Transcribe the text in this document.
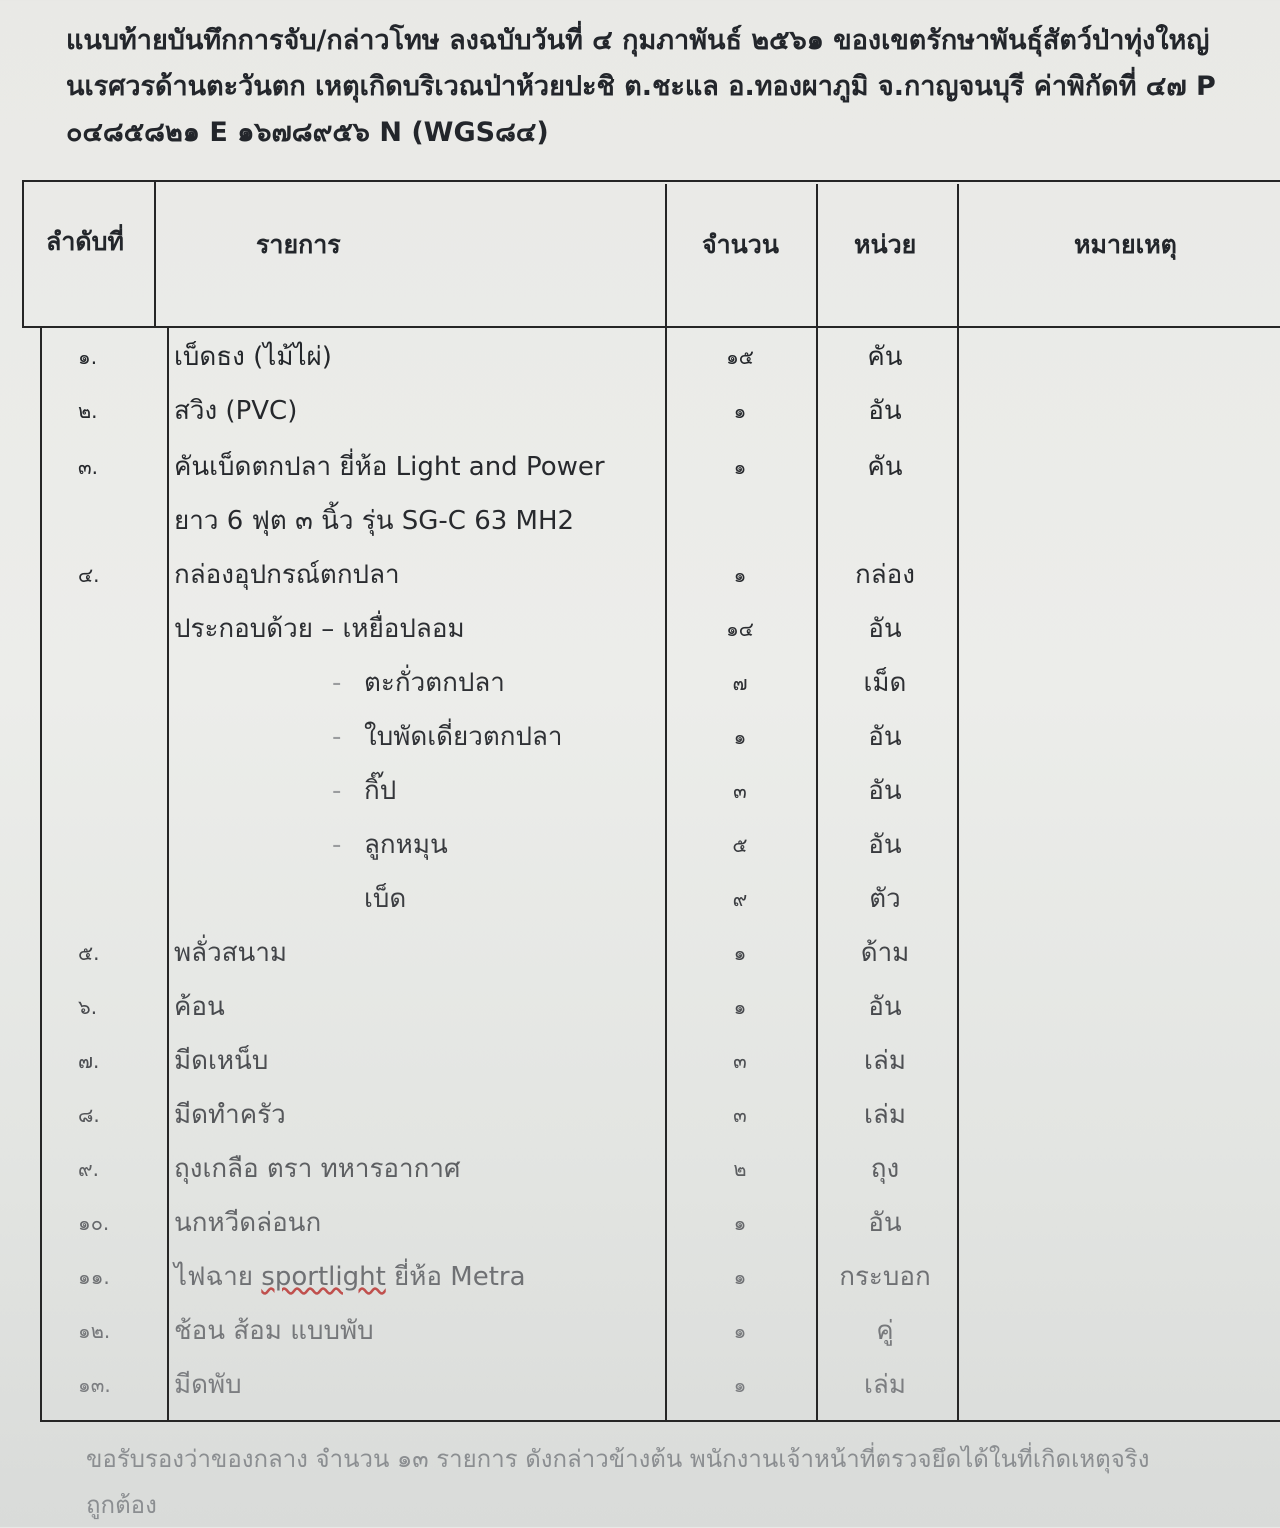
แนบท้ายบันทึกการจับ/กล่าวโทษ ลงฉบับวันที่ ๔ กุมภาพันธ์ ๒๕๖๑ ของเขตรักษาพันธุ์สัตว์ป่าทุ่งใหญ่
นเรศวรด้านตะวันตก เหตุเกิดบริเวณป่าห้วยปะชิ ต.ชะแล อ.ทองผาภูมิ จ.กาญจนบุรี ค่าพิกัดที่ ๔๗ P
๐๔๘๕๘๒๑ E ๑๖๗๘๙๕๖ N (WGS๘๔)
ลำดับที่	รายการ	จำนวน	หน่วย	หมายเหตุ
๑.	เบ็ดธง (ไม้ไผ่)	๑๕	คัน
๒.	สวิง (PVC)	๑	อัน
๓.	คันเบ็ดตกปลา ยี่ห้อ Light and Power	๑	คัน
ยาว 6 ฟุต ๓ นิ้ว รุ่น SG-C 63 MH2
๔.	กล่องอุปกรณ์ตกปลา	๑	กล่อง
ประกอบด้วย – เหยื่อปลอม	๑๔	อัน
- ตะกั่วตกปลา	๗	เม็ด
- ใบพัดเดี่ยวตกปลา	๑	อัน
- กิ๊ป	๓	อัน
- ลูกหมุน	๕	อัน
เบ็ด	๙	ตัว
๕.	พลั่วสนาม	๑	ด้าม
๖.	ค้อน	๑	อัน
๗.	มีดเหน็บ	๓	เล่ม
๘.	มีดทำครัว	๓	เล่ม
๙.	ถุงเกลือ ตรา ทหารอากาศ	๒	ถุง
๑๐. นกหวีดล่อนก	๑	อัน
๑๑. ไฟฉาย sportlight ยี่ห้อ Metra	๑	กระบอก
๑๒. ช้อน ส้อม แบบพับ	๑	คู่
๑๓. มีดพับ	๑	เล่ม
ขอรับรองว่าของกลาง จำนวน ๑๓ รายการ ดังกล่าวข้างต้น พนักงานเจ้าหน้าที่ตรวจยึดได้ในที่เกิดเหตุจริง
ถูกต้อง
